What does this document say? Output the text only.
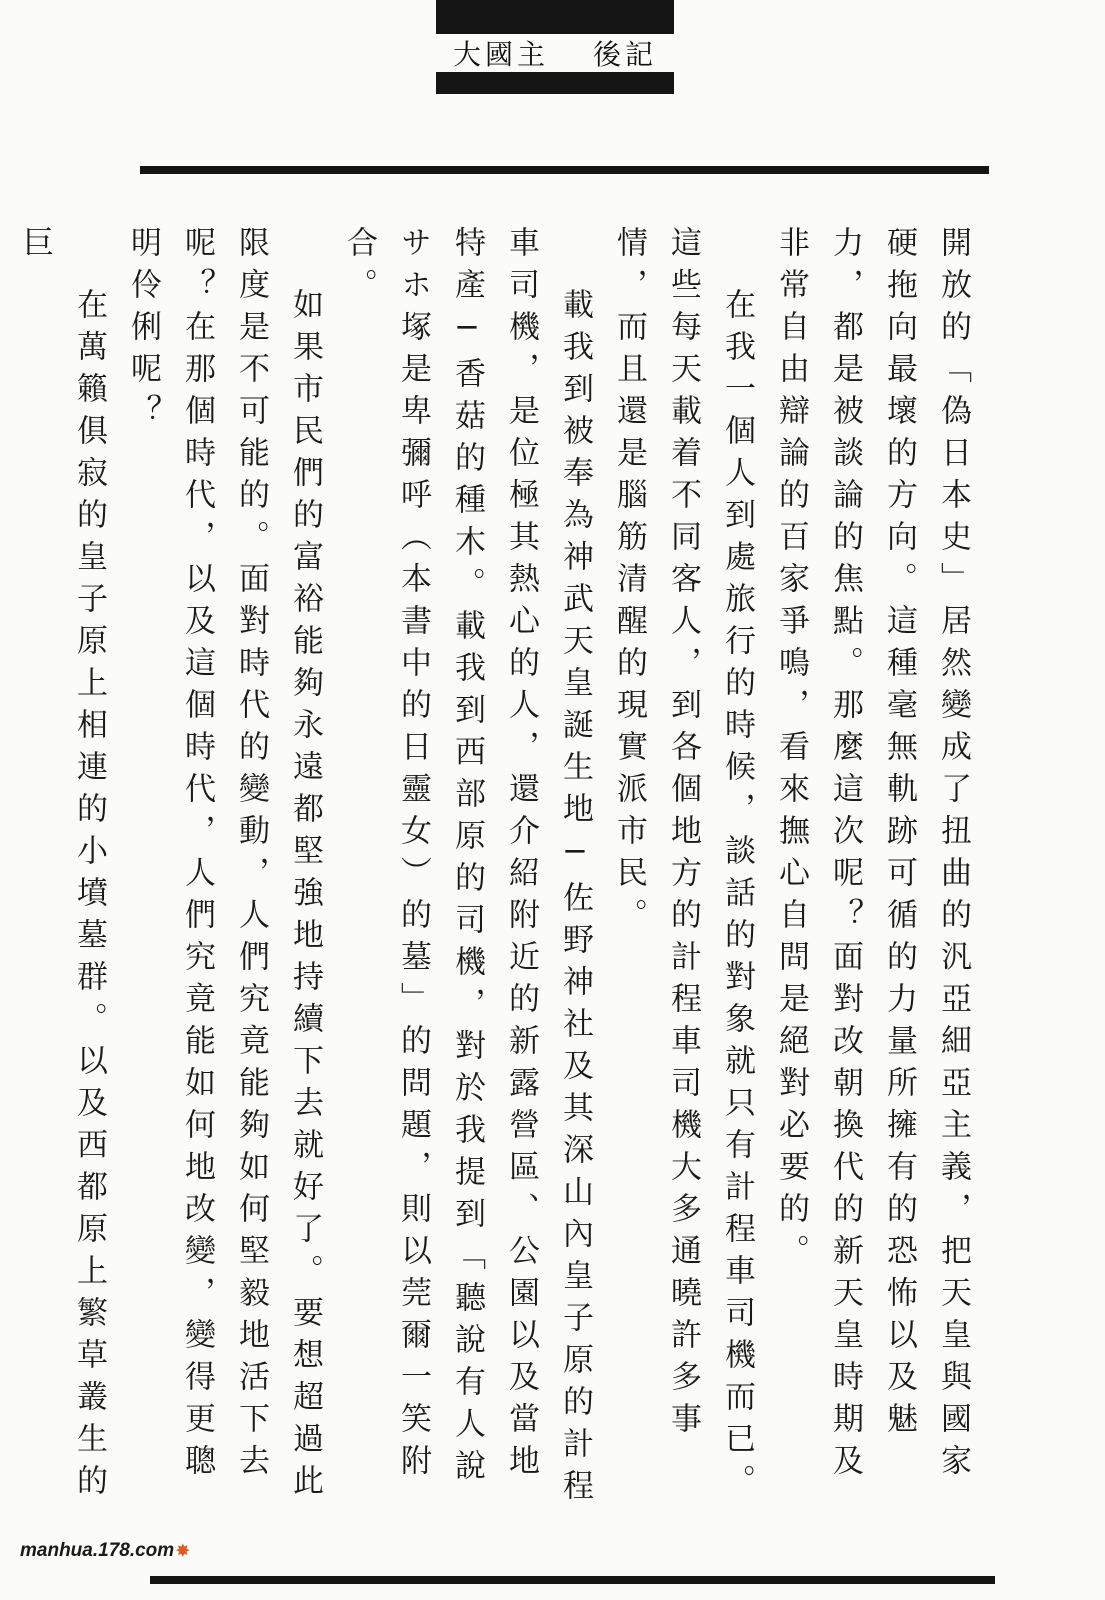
大國主 後記

開放的「偽日本史」居然變成了扭曲的汎亞細亞主義，把天皇與國家硬拖向最壞的方向。這種毫無軌跡可循的力量所擁有的恐怖以及魅力，都是被談論的焦點。那麼這次呢？面對改朝換代的新天皇時期及非常自由辯論的百家爭鳴，看來撫心自問是絕對必要的。

在我一個人到處旅行的時候，談話的對象就只有計程車司機而已。這些每天載着不同客人，到各個地方的計程車司機大多通曉許多事情，而且還是腦筋清醒的現實派市民。

載我到被奉為神武天皇誕生地─佐野神社及其深山內皇子原的計程車司機，是位極其熱心的人，還介紹附近的新露營區、公園以及當地特產─香菇的種木。載我到西部原的司機，對於我提到「聽說有人說サホ塚是卑彌呼（本書中的日靈女）的墓」的問題，則以莞爾一笑附合。

如果市民們的富裕能夠永遠都堅強地持續下去就好了。要想超過此限度是不可能的。面對時代的變動，人們究竟能夠如何堅毅地活下去呢？在那個時代，以及這個時代，人們究竟能如何地改變，變得更聰明伶俐呢？

在萬籟俱寂的皇子原上相連的小墳墓群。以及西都原上繁草叢生的巨

manhua.178.com ✸
